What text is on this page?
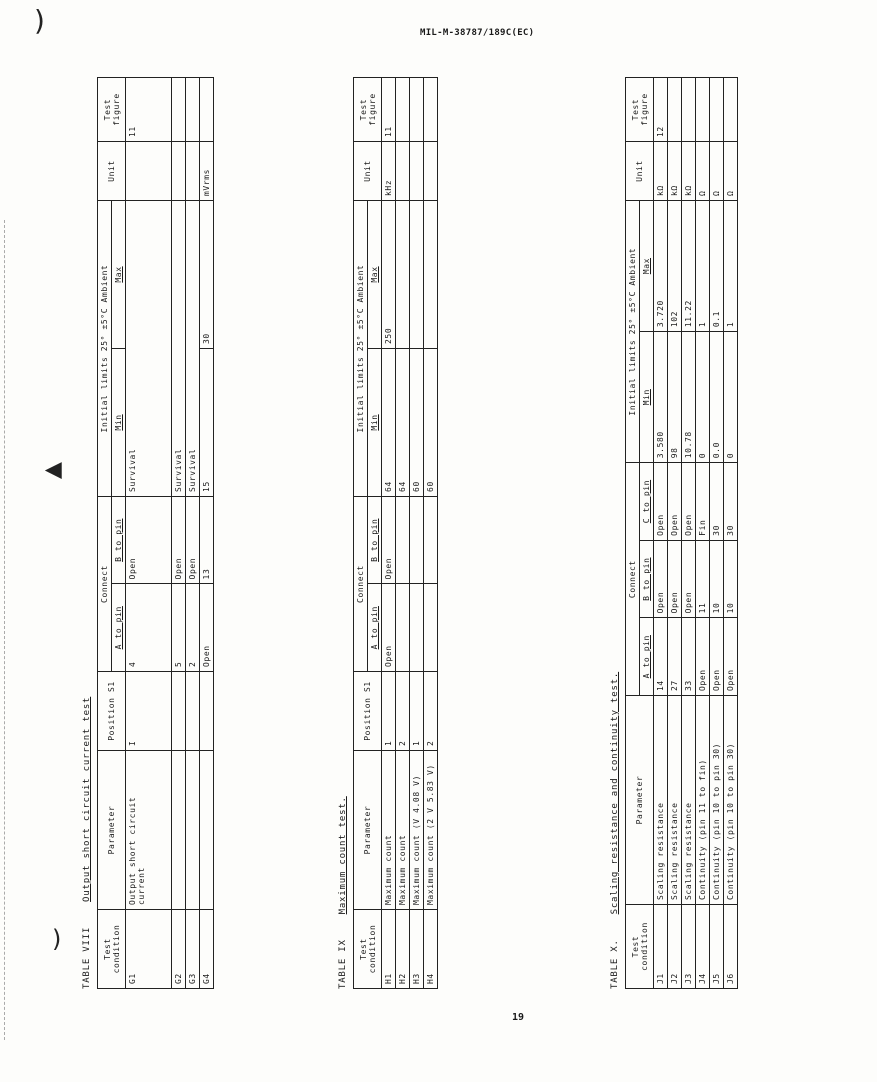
MIL-M-38787/189C(EC)
)
▲
) TABLE VIII    Output short circuit current test
Test condition	Parameter	Position S1	Connect		Initial limits 25° ±5°C Ambient		Unit	Test figure
			A to pin	B to pin	Min	Max		
G1	Output short circuit current	I	4	Open	Survival			11
G2			5	Open	Survival			
G3			2	Open	Survival			
G4			Open	13	15	30	mVrms	
TABLE IX    Maximum count test.
Test condition	Parameter	Position S1	Connect		Initial limits 25° ±5°C Ambient		Unit	Test figure
			A to pin	B to pin	Min	Max		
H1	Maximum count	1	Open	Open	64	250	kHz	11
H2	Maximum count	2			64			
H3	Maximum count (V 4.08 V)	1			60			
H4	Maximum count (2 V 5.83 V)	2			60			
TABLE X.    Scaling resistance and continuity test.
Test condition	Parameter	Connect			Initial limits 25° ±5°C Ambient		Unit	Test figure
		A to pin	B to pin	C to pin	Min	Max		
J1	Scaling resistance	14	Open	Open	3.580	3.720	kΩ	12
J2	Scaling resistance	27	Open	Open	98	102	kΩ	
J3	Scaling resistance	33	Open	Open	10.78	11.22	kΩ	
J4	Continuity (pin 11 to fin)	Open	11	Fin	0	1	Ω	
J5	Continuity (pin 10 to pin 30)	Open	10	30	0.0	0.1	Ω	
J6	Continuity (pin 10 to pin 30)	Open	10	30	0	1	Ω	
19
